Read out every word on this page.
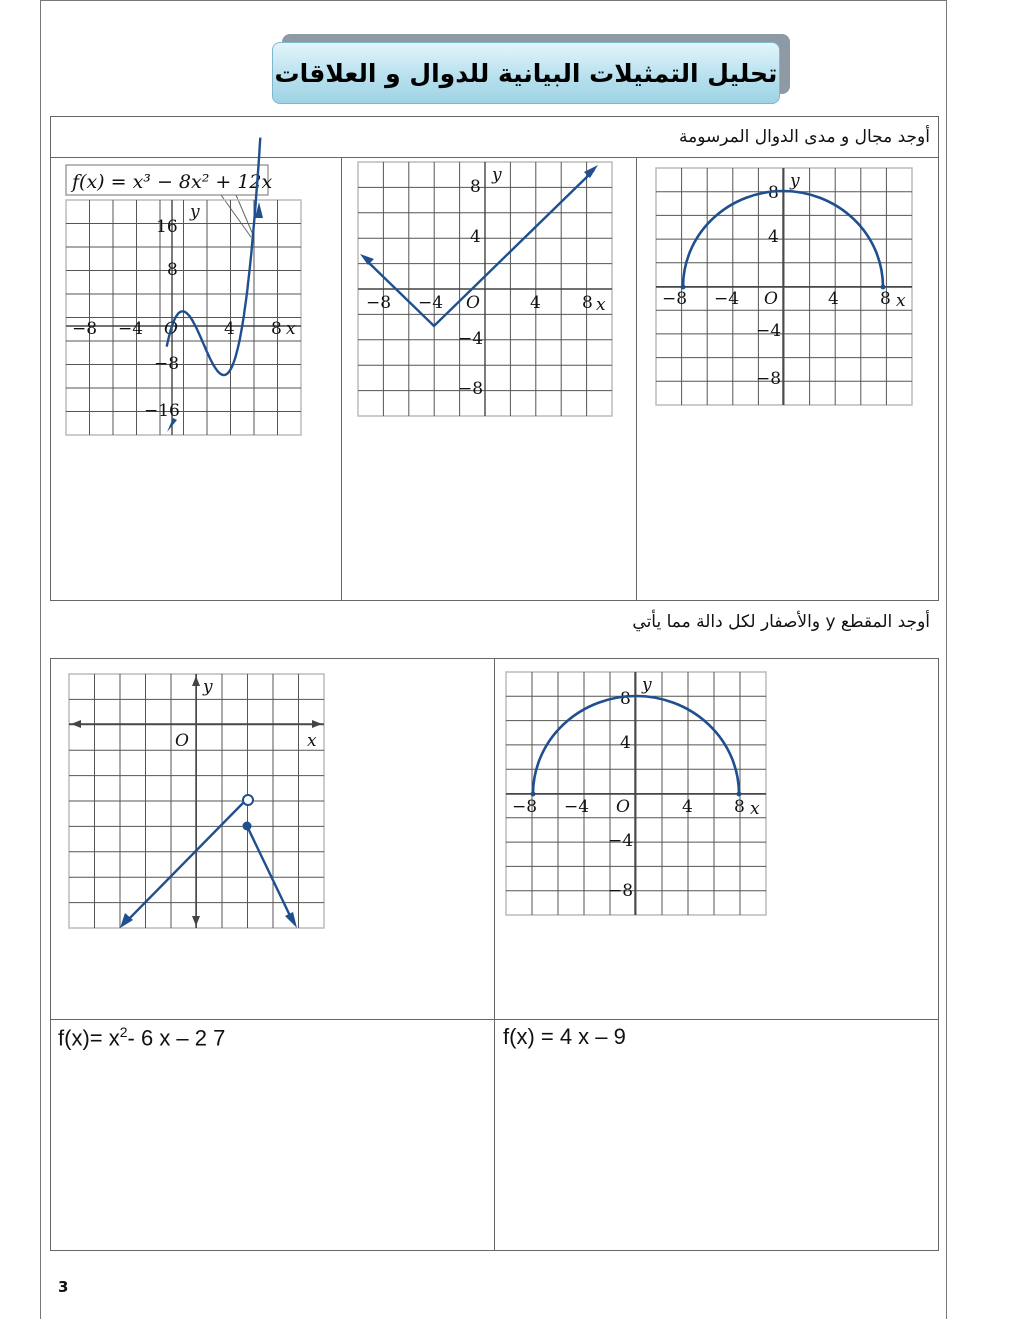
تحليل التمثيلات البيانية للدوال و العلاقات
أوجد مجال و مدى الدوال المرسومة
f(x) = x³ − 8x² + 12x
−8 −4 O	4 8 x
y
16
8
−8
−16
−8 −4 O	4 8 x
y
8
4
−4
−8
−8 −4 O	4 8 x
y
8
4
−4
−8
أوجد المقطع y والأصفار لكل دالة مما يأتي
O	x
y
−8 −4 O	4 8 x
y
8
4
−4
−8
$f(x)= x^2-$ 6 x – 2 7	f(x) = 4 x – 9
3
